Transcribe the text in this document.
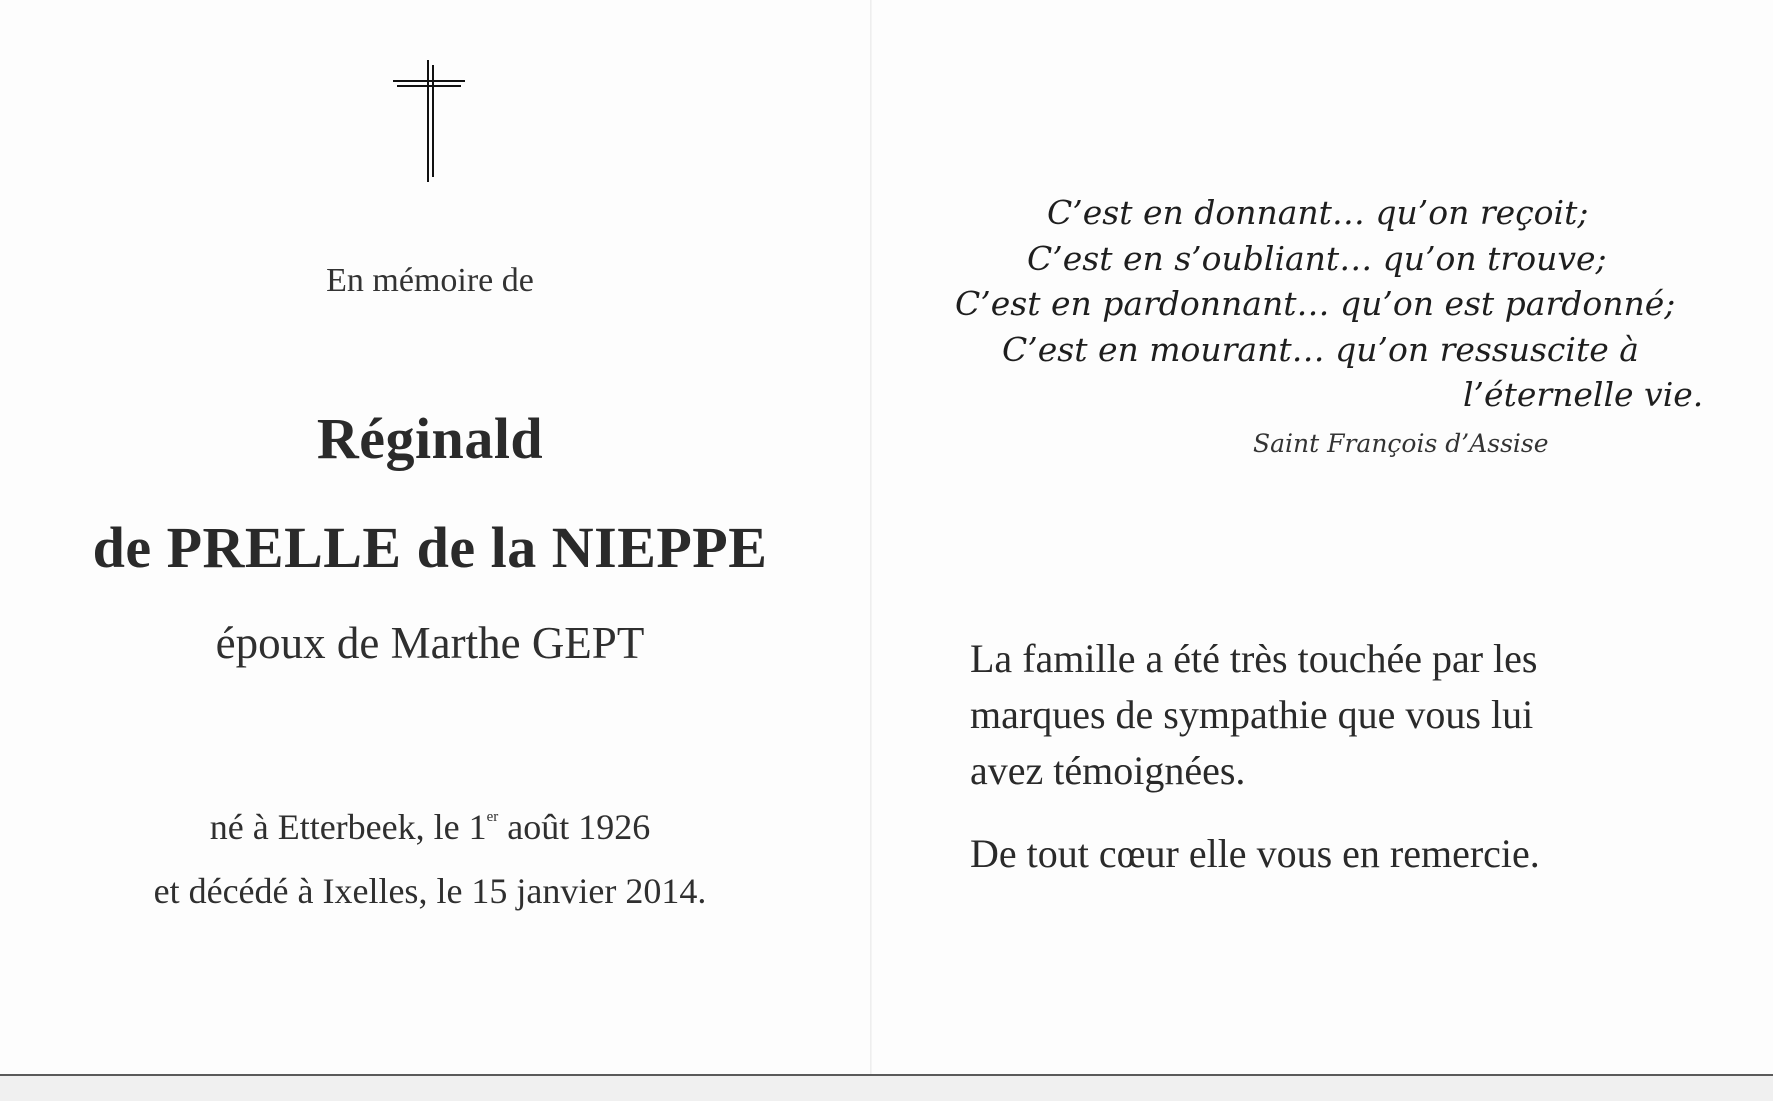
En mémoire de
Réginald
de PRELLE de la NIEPPE
époux de Marthe GEPT
né à Etterbeek, le 1er août 1926
et décédé à Ixelles, le 15 janvier 2014.
C’est en donnant… qu’on reçoit;
C’est en s’oubliant… qu’on trouve;
C’est en pardonnant… qu’on est pardonné;
C’est en mourant… qu’on ressuscite à
l’éternelle vie.
Saint François d’Assise
La famille a été très touchée par les
marques de sympathie que vous lui
avez témoignées.
De tout cœur elle vous en remercie.
